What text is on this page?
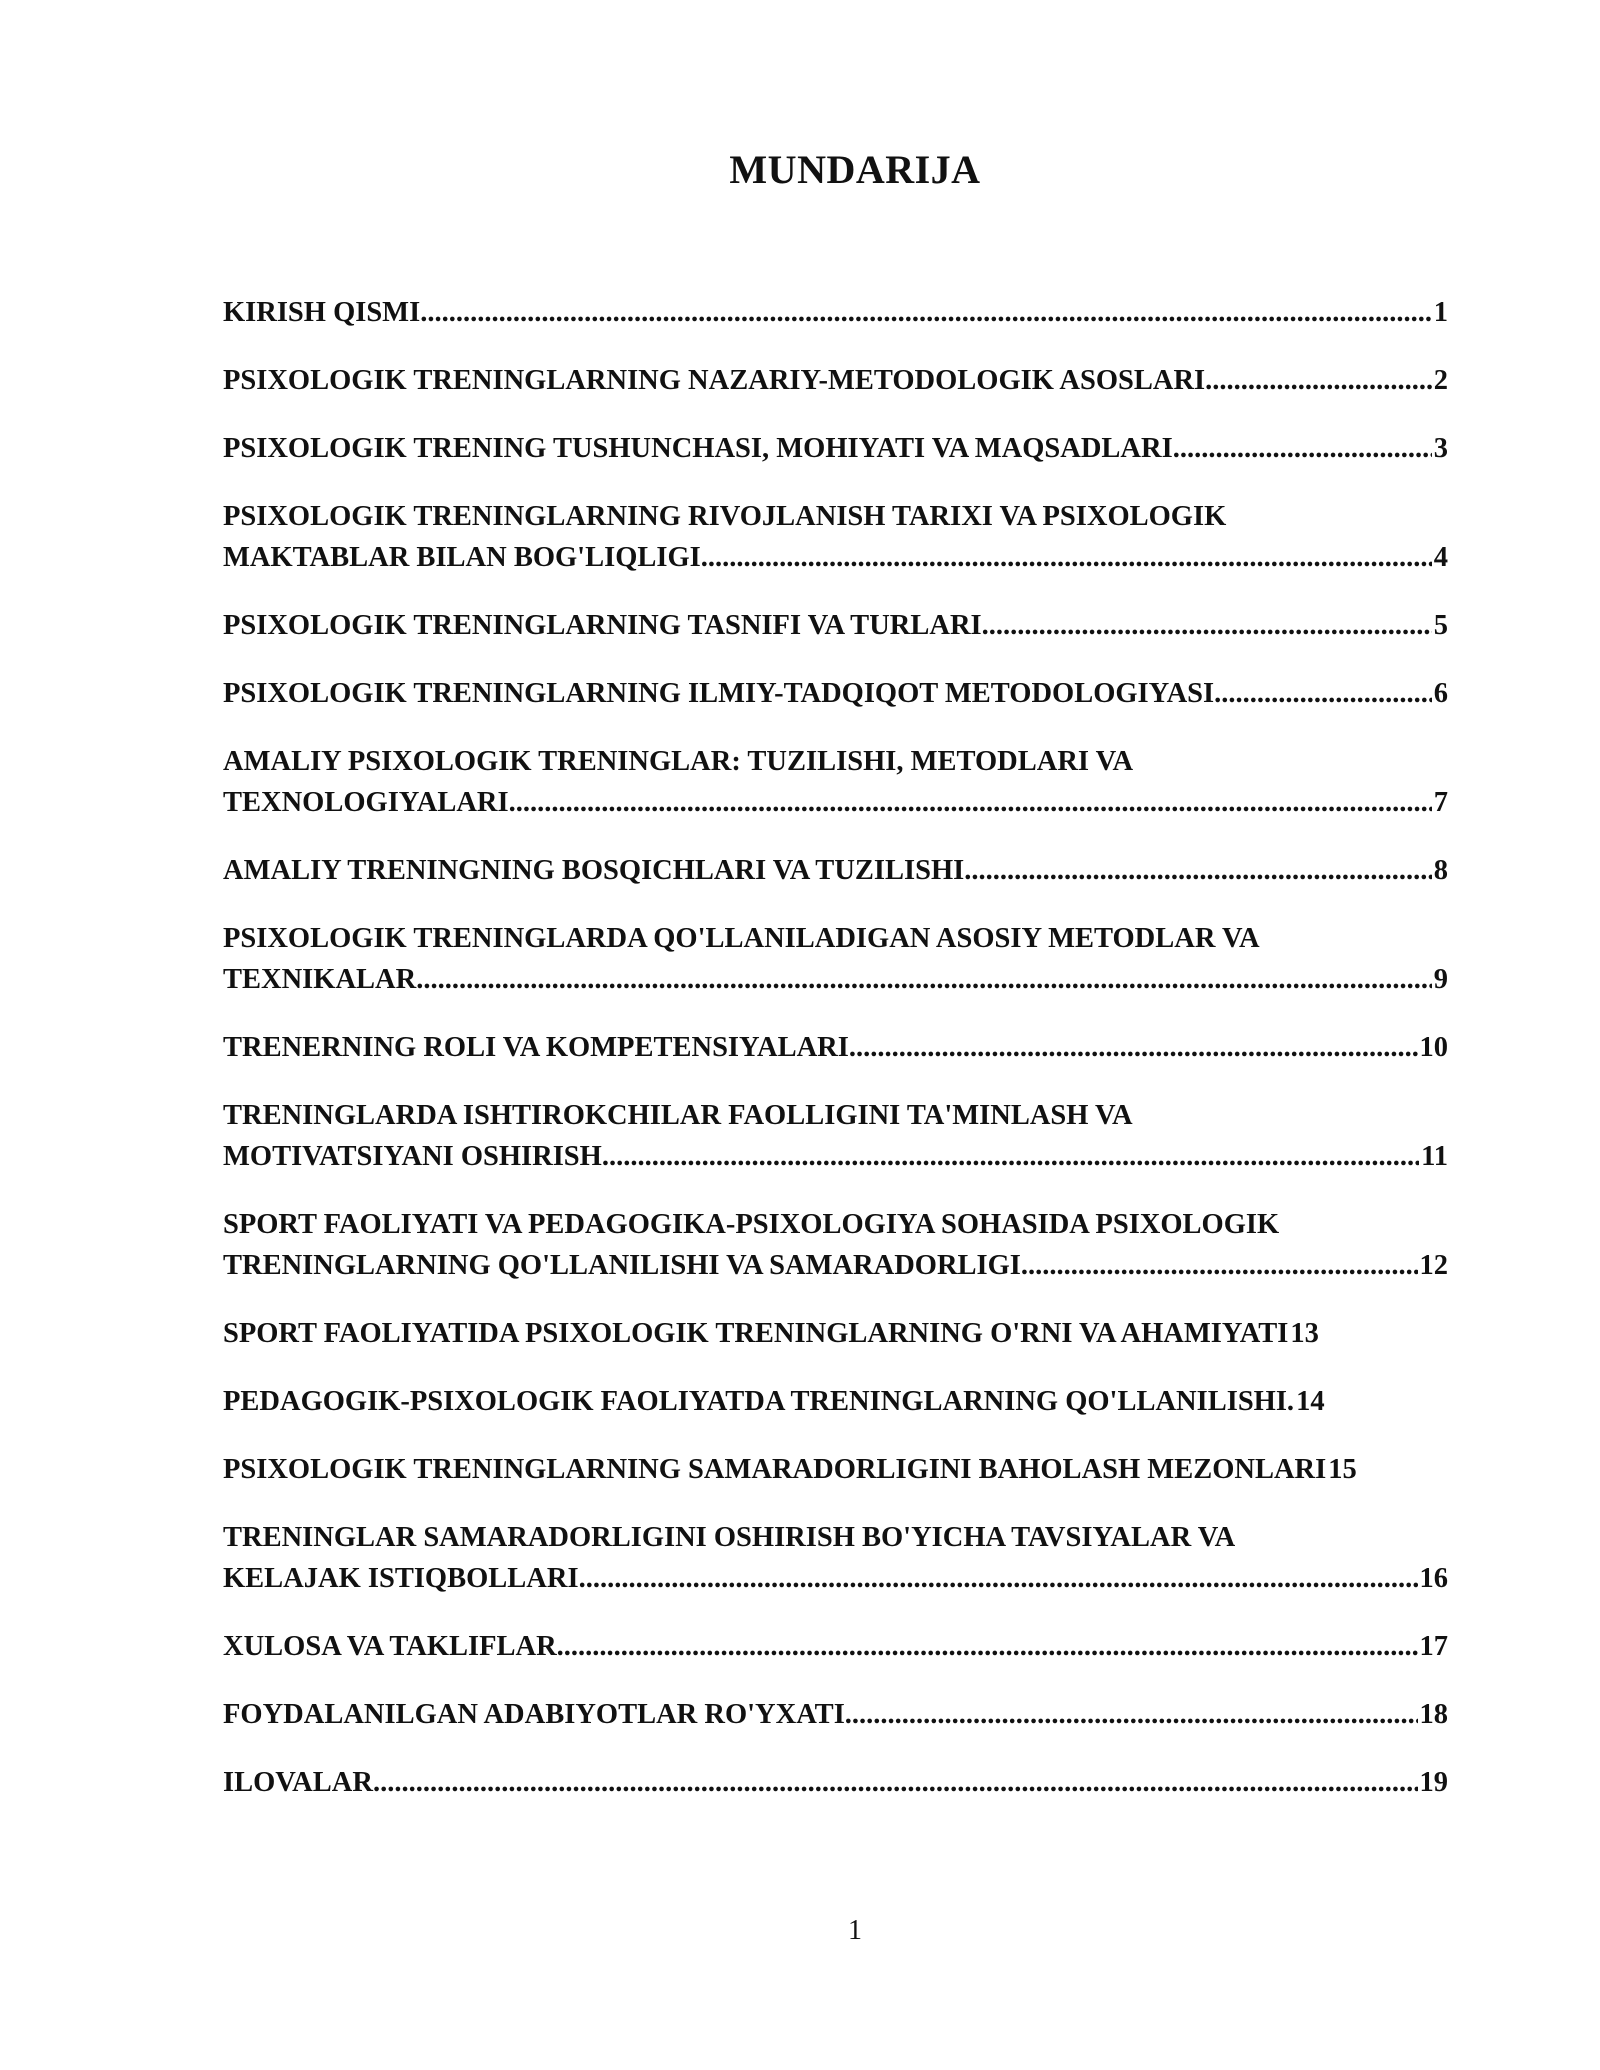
MUNDARIJA
KIRISH QISMI .....	1
PSIXOLOGIK TRENINGLARNING NAZARIY-METODOLOGIK ASOSLARI .....	2
PSIXOLOGIK TRENING TUSHUNCHASI, MOHIYATI VA MAQSADLARI .....	3
PSIXOLOGIK TRENINGLARNING RIVOJLANISH TARIXI VA PSIXOLOGIK
MAKTABLAR BILAN BOG'LIQLIGI .....	4
PSIXOLOGIK TRENINGLARNING TASNIFI VA TURLARI .....	5
PSIXOLOGIK TRENINGLARNING ILMIY-TADQIQOT METODOLOGIYASI .....	6
AMALIY PSIXOLOGIK TRENINGLAR: TUZILISHI, METODLARI VA
TEXNOLOGIYALARI .....	7
AMALIY TRENINGNING BOSQICHLARI VA TUZILISHI .....	8
PSIXOLOGIK TRENINGLARDA QO'LLANILADIGAN ASOSIY METODLAR VA
TEXNIKALAR .....	9
TRENERNING ROLI VA KOMPETENSIYALARI .....	10
TRENINGLARDA ISHTIROKCHILAR FAOLLIGINI TA'MINLASH VA
MOTIVATSIYANI OSHIRISH .....	11
SPORT FAOLIYATI VA PEDAGOGIKA-PSIXOLOGIYA SOHASIDA PSIXOLOGIK
TRENINGLARNING QO'LLANILISHI VA SAMARADORLIGI .....	12
SPORT FAOLIYATIDA PSIXOLOGIK TRENINGLARNING O'RNI VA AHAMIYATI 13
PEDAGOGIK-PSIXOLOGIK FAOLIYATDA TRENINGLARNING QO'LLANILISHI. 14
PSIXOLOGIK TRENINGLARNING SAMARADORLIGINI BAHOLASH MEZONLARI 15
TRENINGLAR SAMARADORLIGINI OSHIRISH BO'YICHA TAVSIYALAR VA
KELAJAK ISTIQBOLLARI .....	16
XULOSA VA TAKLIFLAR .....	17
FOYDALANILGAN ADABIYOTLAR RO'YXATI .....	18
ILOVALAR .....	19
1
